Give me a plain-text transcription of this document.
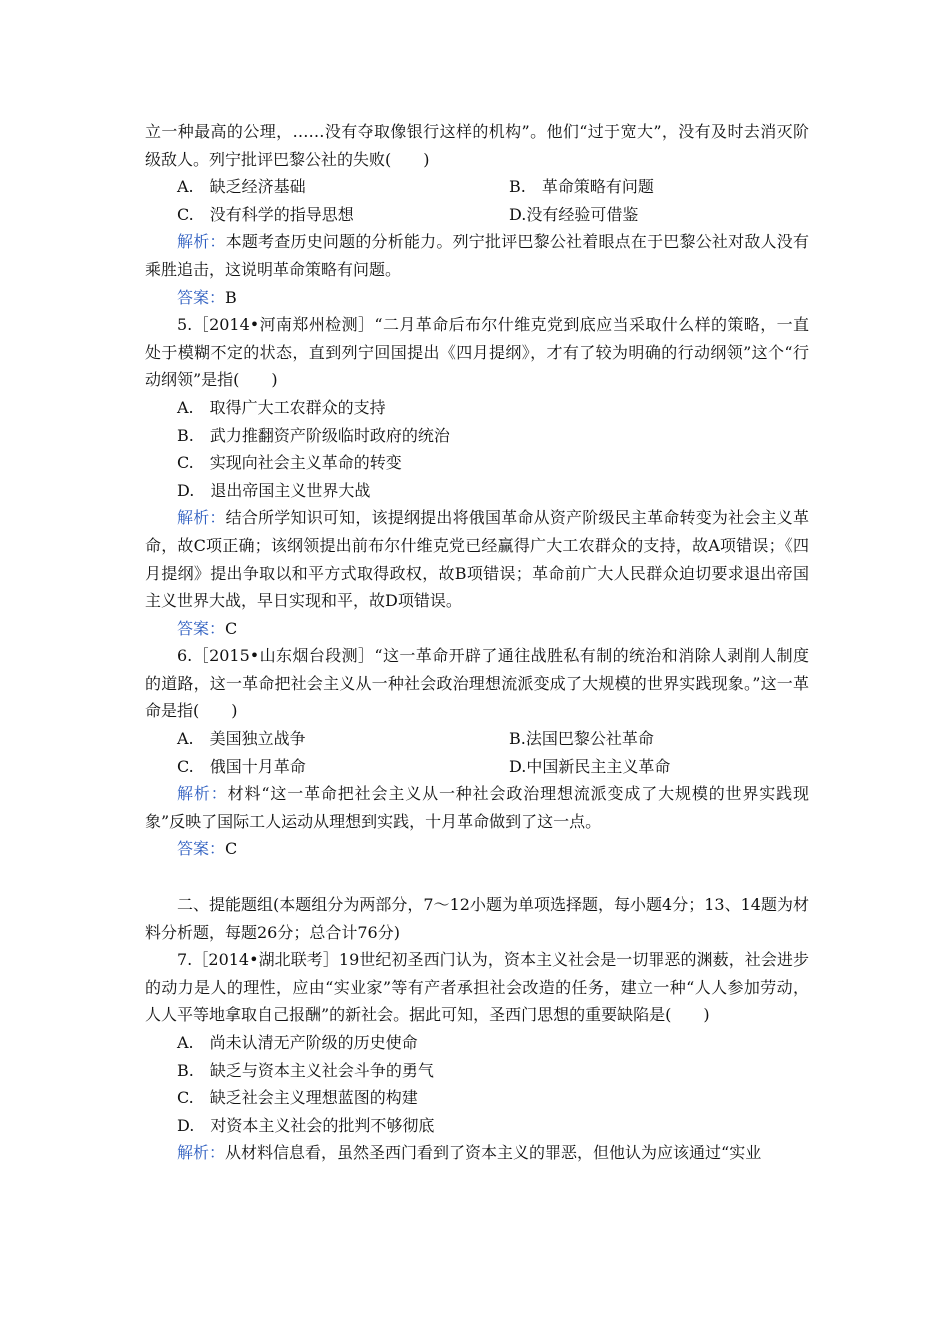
立一种最高的公理，……没有夺取像银行这样的机构”。他们“过于宽大”，没有及时去消灭阶级敌人。列宁批评巴黎公社的失败(　　)

A.　缺乏经济基础	B.　革命策略有问题
C.　没有科学的指导思想	D.没有经验可借鉴

解析：本题考查历史问题的分析能力。列宁批评巴黎公社着眼点在于巴黎公社对敌人没有乘胜追击，这说明革命策略有问题。

答案：B

5.［2014•河南郑州检测］“二月革命后布尔什维克党到底应当采取什么样的策略，一直处于模糊不定的状态，直到列宁回国提出《四月提纲》，才有了较为明确的行动纲领”这个“行动纲领”是指(　　)

A.　取得广大工农群众的支持

B.　武力推翻资产阶级临时政府的统治

C.　实现向社会主义革命的转变

D.　退出帝国主义世界大战

解析：结合所学知识可知，该提纲提出将俄国革命从资产阶级民主革命转变为社会主义革命，故C项正确；该纲领提出前布尔什维克党已经赢得广大工农群众的支持，故A项错误；《四月提纲》提出争取以和平方式取得政权，故B项错误；革命前广大人民群众迫切要求退出帝国主义世界大战，早日实现和平，故D项错误。

答案：C

6.［2015•山东烟台段测］“这一革命开辟了通往战胜私有制的统治和消除人剥削人制度的道路，这一革命把社会主义从一种社会政治理想流派变成了大规模的世界实践现象。”这一革命是指(　　)

A.　美国独立战争	B.法国巴黎公社革命
C.　俄国十月革命	D.中国新民主主义革命

解析：材料“这一革命把社会主义从一种社会政治理想流派变成了大规模的世界实践现象”反映了国际工人运动从理想到实践，十月革命做到了这一点。

答案：C

二、提能题组(本题组分为两部分，7～12小题为单项选择题，每小题4分；13、14题为材料分析题，每题26分；总合计76分)

7.［2014•湖北联考］19世纪初圣西门认为，资本主义社会是一切罪恶的渊薮，社会进步的动力是人的理性，应由“实业家”等有产者承担社会改造的任务，建立一种“人人参加劳动，人人平等地拿取自己报酬”的新社会。据此可知，圣西门思想的重要缺陷是(　　)

A.　尚未认清无产阶级的历史使命

B.　缺乏与资本主义社会斗争的勇气

C.　缺乏社会主义理想蓝图的构建

D.　对资本主义社会的批判不够彻底

解析：从材料信息看，虽然圣西门看到了资本主义的罪恶，但他认为应该通过“实业
